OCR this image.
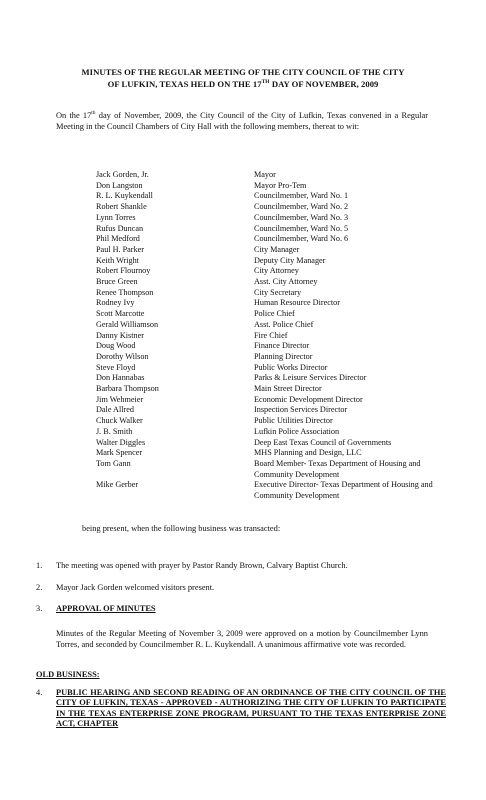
MINUTES OF THE REGULAR MEETING OF THE CITY COUNCIL OF THE CITY
OF LUFKIN, TEXAS HELD ON THE 17TH DAY OF NOVEMBER, 2009
On the 17th day of November, 2009, the City Council of the City of Lufkin, Texas convened in a Regular Meeting in the Council Chambers of City Hall with the following members, thereat to wit:
Jack Gorden, Jr.	Mayor
Don Langston	Mayor Pro-Tem
R. L. Kuykendall	Councilmember, Ward No. 1
Robert Shankle	Councilmember, Ward No. 2
Lynn Torres	Councilmember, Ward No. 3
Rufus Duncan	Councilmember, Ward No. 5
Phil Medford	Councilmember, Ward No. 6
Paul H. Parker	City Manager
Keith Wright	Deputy City Manager
Robert Flournoy	City Attorney
Bruce Green	Asst. City Attorney
Renee Thompson	City Secretary
Rodney Ivy	Human Resource Director
Scott Marcotte	Police Chief
Gerald Williamson	Asst. Police Chief
Danny Kistner	Fire Chief
Doug Wood	Finance Director
Dorothy Wilson	Planning Director
Steve Floyd	Public Works Director
Don Hannabas	Parks & Leisure Services Director
Barbara Thompson	Main Street Director
Jim Wehmeier	Economic Development Director
Dale Allred	Inspection Services Director
Chuck Walker	Public Utilities Director
J. B. Smith	Lufkin Police Association
Walter Diggles	Deep East Texas Council of Governments
Mark Spencer	MHS Planning and Design, LLC
Tom Gann	Board Member- Texas Department of Housing and Community Development
Mike Gerber	Executive Director- Texas Department of Housing and Community Development
being present, when the following business was transacted:
1.	The meeting was opened with prayer by Pastor Randy Brown, Calvary Baptist Church.
2.	Mayor Jack Gorden welcomed visitors present.
3.	APPROVAL OF MINUTES
Minutes of the Regular Meeting of November 3, 2009 were approved on a motion by Councilmember Lynn Torres, and seconded by Councilmember R. L. Kuykendall. A unanimous affirmative vote was recorded.
OLD BUSINESS:
4.	PUBLIC HEARING AND SECOND READING OF AN ORDINANCE OF THE CITY COUNCIL OF THE CITY OF LUFKIN, TEXAS - APPROVED - AUTHORIZING THE CITY OF LUFKIN TO PARTICIPATE IN THE TEXAS ENTERPRISE ZONE PROGRAM, PURSUANT TO THE TEXAS ENTERPRISE ZONE ACT, CHAPTER
